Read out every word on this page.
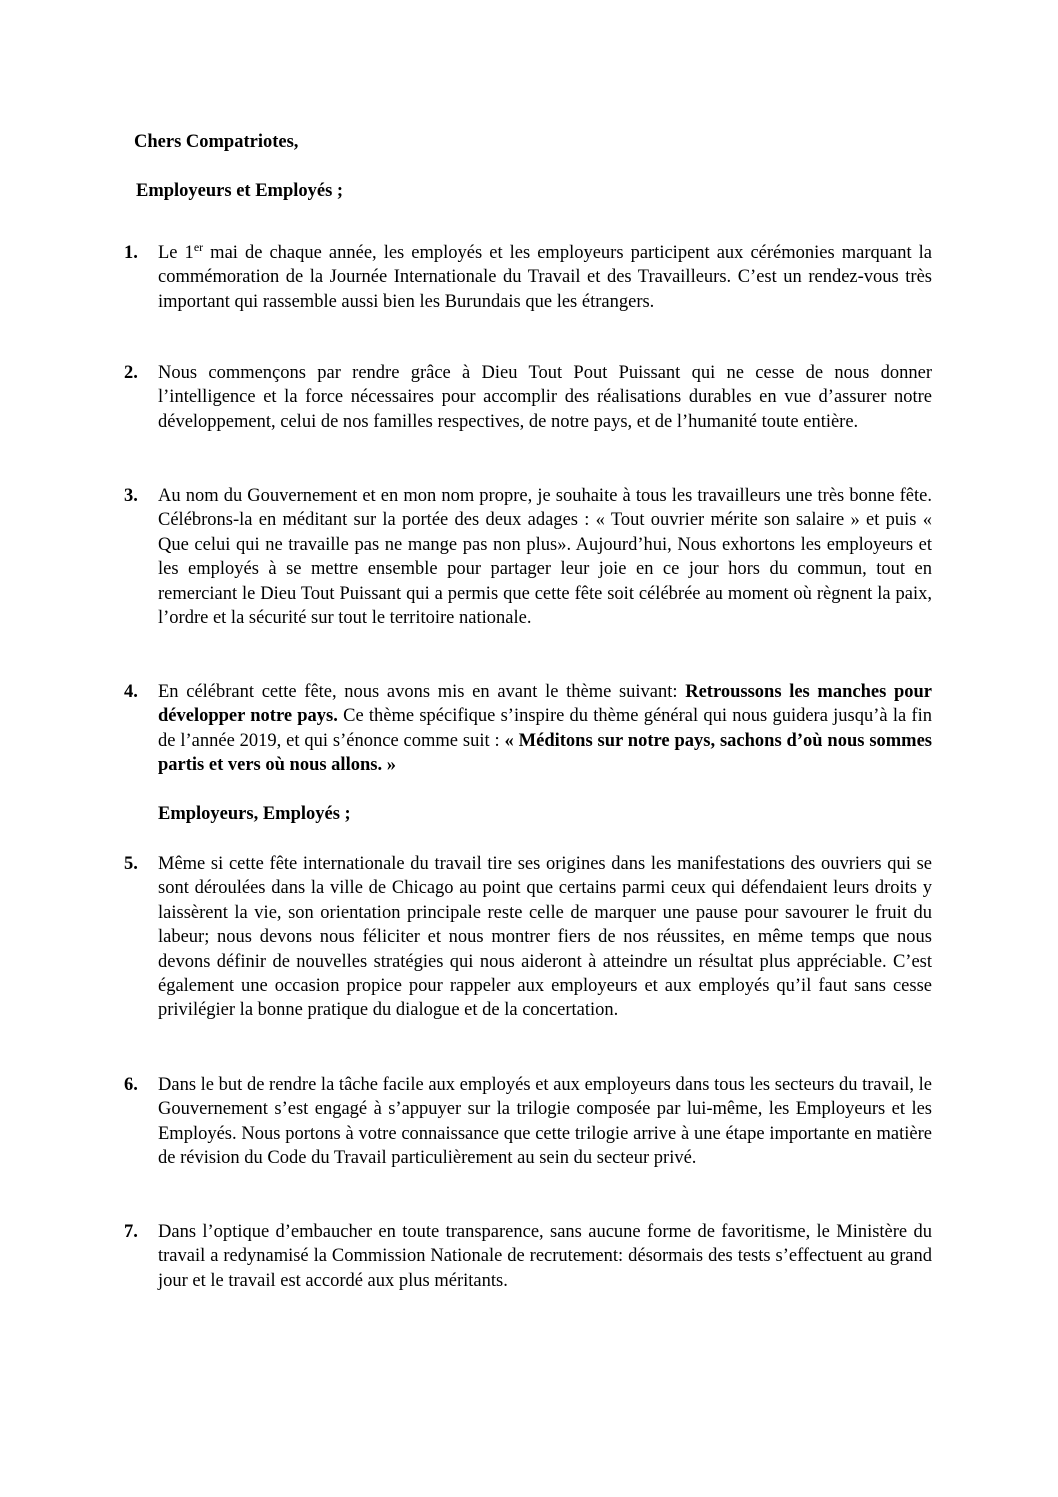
Chers Compatriotes,

Employeurs et Employés ;

1. Le 1er mai de chaque année, les employés et les employeurs participent aux cérémonies marquant la commémoration de la Journée Internationale du Travail et des Travailleurs. C’est un rendez-vous très important qui rassemble aussi bien les Burundais que les étrangers.
2. Nous commençons par rendre grâce à Dieu Tout Pout Puissant qui ne cesse de nous donner l’intelligence et la force nécessaires pour accomplir des réalisations durables en vue d’assurer notre développement, celui de nos familles respectives, de notre pays, et de l’humanité toute entière.
3. Au nom du Gouvernement et en mon nom propre, je souhaite à tous les travailleurs une très bonne fête. Célébrons-la en méditant sur la portée des deux adages : « Tout ouvrier mérite son salaire » et puis « Que celui qui ne travaille pas ne mange pas non plus». Aujourd’hui, Nous exhortons les employeurs et les employés à se mettre ensemble pour partager leur joie en ce jour hors du commun, tout en remerciant le Dieu Tout Puissant qui a permis que cette fête soit célébrée au moment où règnent la paix, l’ordre et la sécurité sur tout le territoire nationale.
4. En célébrant cette fête, nous avons mis en avant le thème suivant: Retroussons les manches pour développer notre pays. Ce thème spécifique s’inspire du thème général qui nous guidera jusqu’à la fin de l’année 2019, et qui s’énonce comme suit : « Méditons sur notre pays, sachons d’où nous sommes partis et vers où nous allons. »

Employeurs, Employés ;

5. Même si cette fête internationale du travail tire ses origines dans les manifestations des ouvriers qui se sont déroulées dans la ville de Chicago au point que certains parmi ceux qui défendaient leurs droits y laissèrent la vie, son orientation principale reste celle de marquer une pause pour savourer le fruit du labeur; nous devons nous féliciter et nous montrer fiers de nos réussites, en même temps que nous devons définir de nouvelles stratégies qui nous aideront à atteindre un résultat plus appréciable. C’est également une occasion propice pour rappeler aux employeurs et aux employés qu’il faut sans cesse privilégier la bonne pratique du dialogue et de la concertation.
6. Dans le but de rendre la tâche facile aux employés et aux employeurs dans tous les secteurs du travail, le Gouvernement s’est engagé à s’appuyer sur la trilogie composée par lui-même, les Employeurs et les Employés. Nous portons à votre connaissance que cette trilogie arrive à une étape importante en matière de révision du Code du Travail particulièrement au sein du secteur privé.
7. Dans l’optique d’embaucher en toute transparence, sans aucune forme de favoritisme, le Ministère du travail a redynamisé la Commission Nationale de recrutement: désormais des tests s’effectuent au grand jour et le travail est accordé aux plus méritants.
